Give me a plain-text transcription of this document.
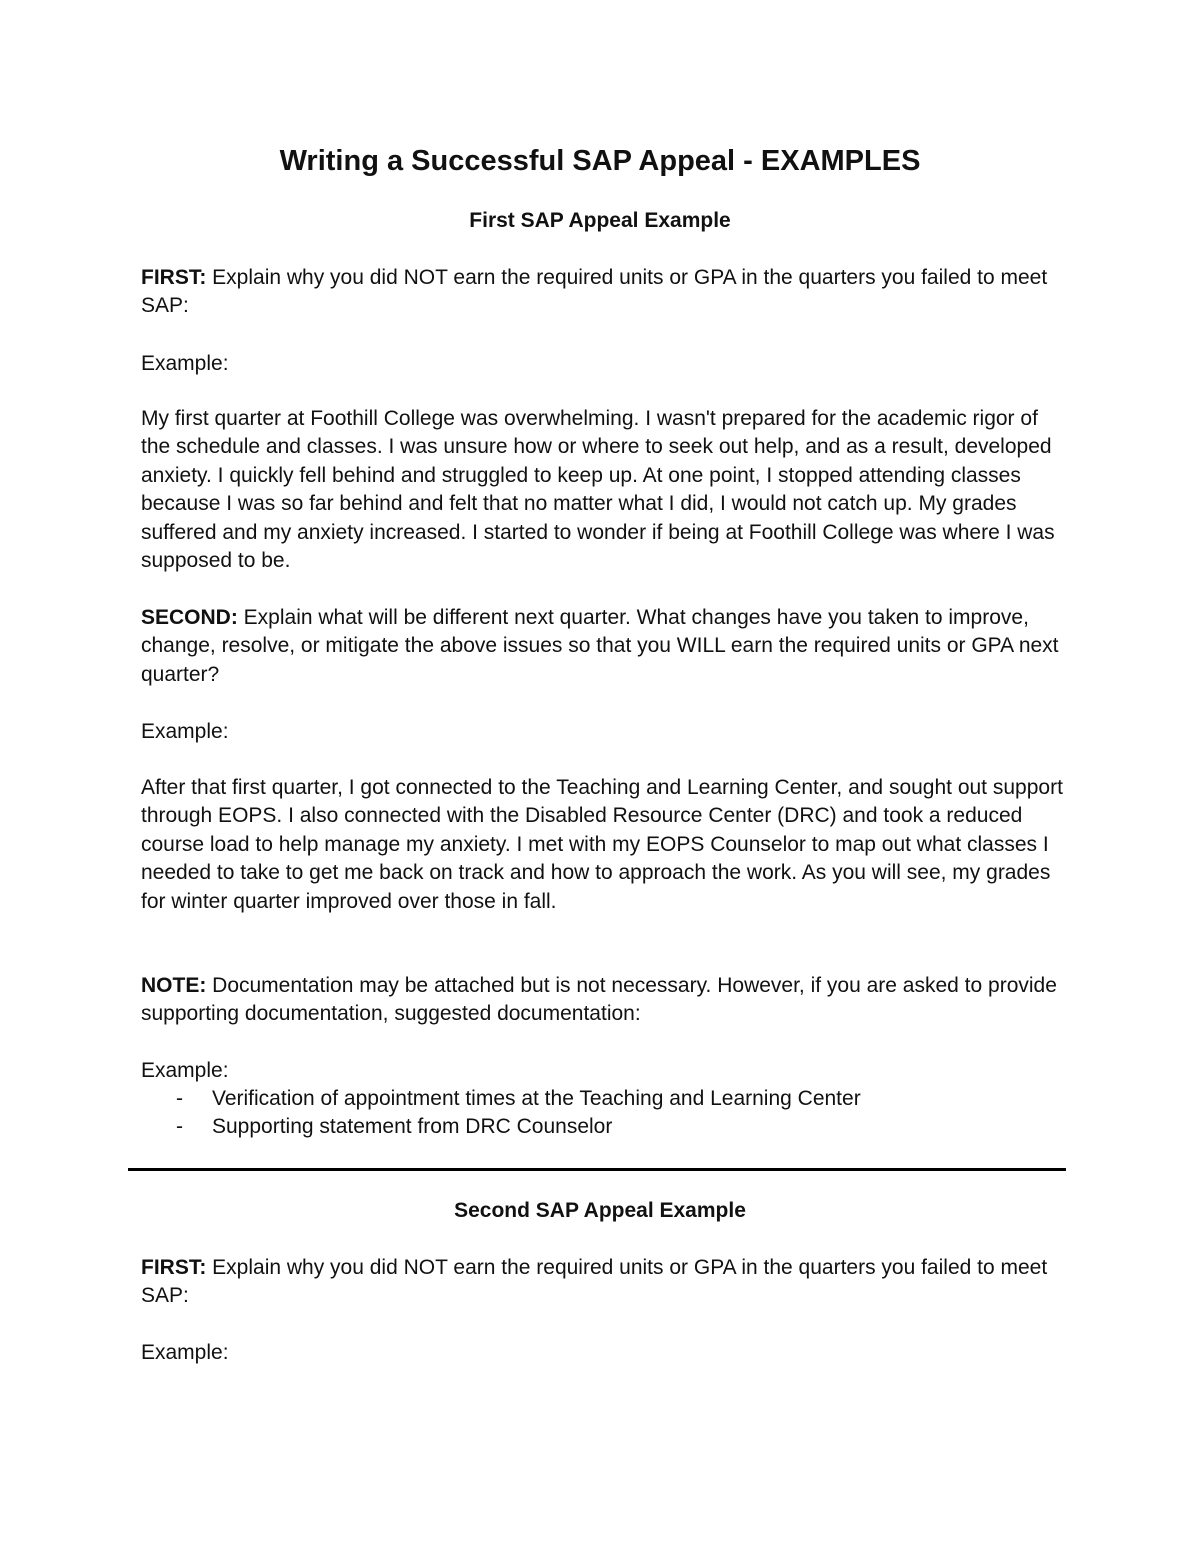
Writing a Successful SAP Appeal - EXAMPLES
First SAP Appeal Example

FIRST: Explain why you did NOT earn the required units or GPA in the quarters you failed to meet SAP:

Example:

My first quarter at Foothill College was overwhelming. I wasn't prepared for the academic rigor of the schedule and classes. I was unsure how or where to seek out help, and as a result, developed anxiety. I quickly fell behind and struggled to keep up. At one point, I stopped attending classes because I was so far behind and felt that no matter what I did, I would not catch up. My grades suffered and my anxiety increased. I started to wonder if being at Foothill College was where I was supposed to be.

SECOND: Explain what will be different next quarter. What changes have you taken to improve, change, resolve, or mitigate the above issues so that you WILL earn the required units or GPA next quarter?

Example:

After that first quarter, I got connected to the Teaching and Learning Center, and sought out support through EOPS. I also connected with the Disabled Resource Center (DRC) and took a reduced course load to help manage my anxiety. I met with my EOPS Counselor to map out what classes I needed to take to get me back on track and how to approach the work. As you will see, my grades for winter quarter improved over those in fall.

NOTE: Documentation may be attached but is not necessary. However, if you are asked to provide supporting documentation, suggested documentation:

Example:

- Verification of appointment times at the Teaching and Learning Center
- Supporting statement from DRC Counselor
Second SAP Appeal Example

FIRST: Explain why you did NOT earn the required units or GPA in the quarters you failed to meet SAP:

Example:
